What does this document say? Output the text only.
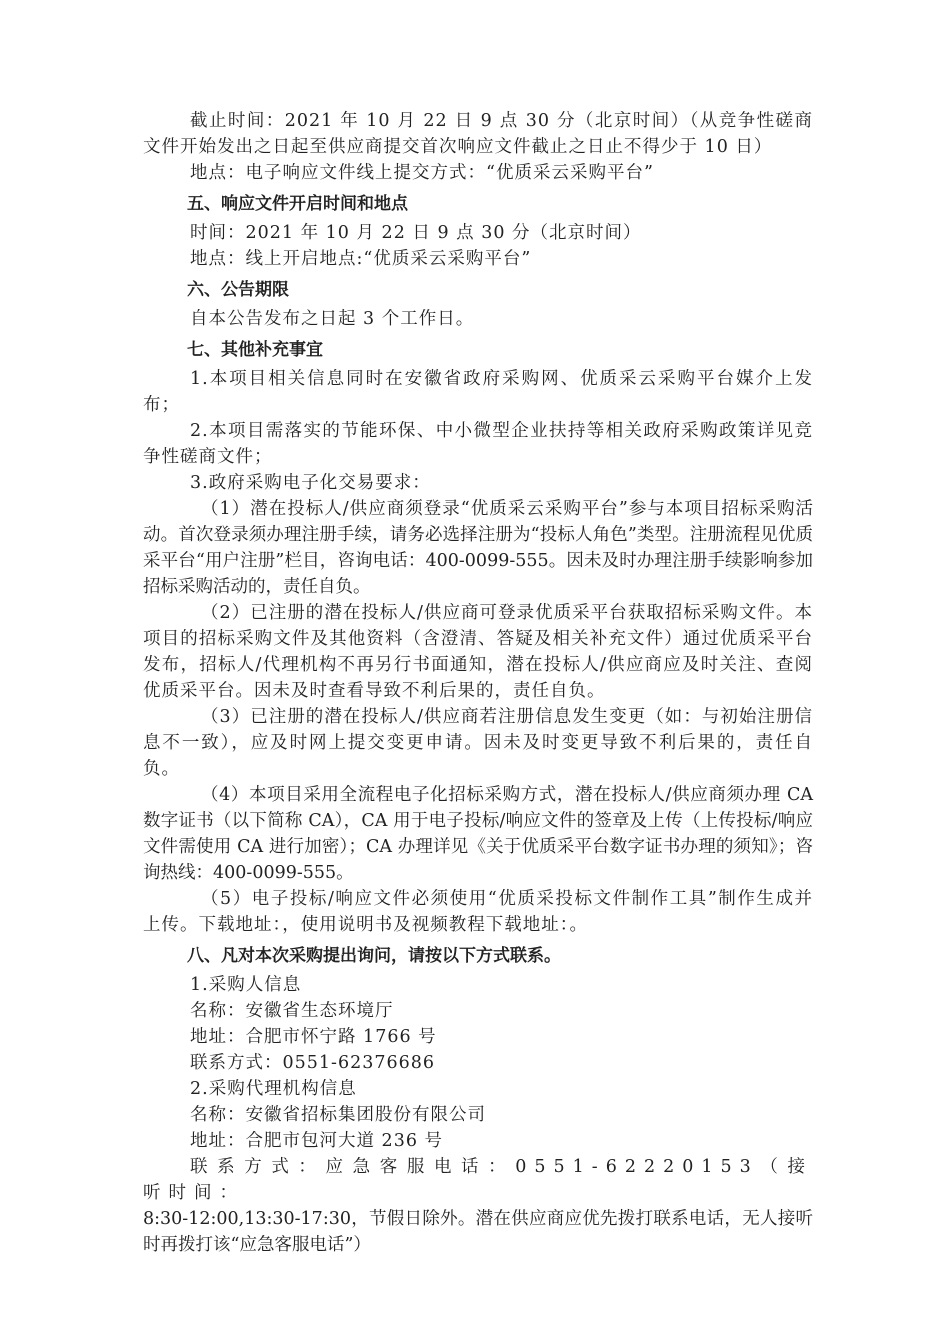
截止时间：2021 年 10 月 22 日 9 点 30 分（北京时间）（从竞争性磋商文件开始发出之日起至供应商提交首次响应文件截止之日止不得少于 10 日）

地点：电子响应文件线上提交方式：“优质采云采购平台”

五、响应文件开启时间和地点

时间：2021 年 10 月 22 日 9 点 30 分（北京时间）

地点：线上开启地点:“优质采云采购平台”

六、公告期限

自本公告发布之日起 3 个工作日。

七、其他补充事宜

1.本项目相关信息同时在安徽省政府采购网、优质采云采购平台媒介上发布；

2.本项目需落实的节能环保、中小微型企业扶持等相关政府采购政策详见竞争性磋商文件；

3.政府采购电子化交易要求：

（1）潜在投标人/供应商须登录“优质采云采购平台”参与本项目招标采购活动。首次登录须办理注册手续，请务必选择注册为“投标人角色”类型。注册流程见优质采平台“用户注册”栏目，咨询电话：400-0099-555。因未及时办理注册手续影响参加招标采购活动的，责任自负。

（2）已注册的潜在投标人/供应商可登录优质采平台获取招标采购文件。本项目的招标采购文件及其他资料（含澄清、答疑及相关补充文件）通过优质采平台发布，招标人/代理机构不再另行书面通知，潜在投标人/供应商应及时关注、查阅优质采平台。因未及时查看导致不利后果的，责任自负。

（3）已注册的潜在投标人/供应商若注册信息发生变更（如：与初始注册信息不一致），应及时网上提交变更申请。因未及时变更导致不利后果的，责任自负。

（4）本项目采用全流程电子化招标采购方式，潜在投标人/供应商须办理 CA 数字证书（以下简称 CA），CA 用于电子投标/响应文件的签章及上传（上传投标/响应文件需使用 CA 进行加密）；CA 办理详见《关于优质采平台数字证书办理的须知》；咨询热线：400-0099-555。

（5）电子投标/响应文件必须使用“优质采投标文件制作工具”制作生成并上传。下载地址：，使用说明书及视频教程下载地址：。

八、凡对本次采购提出询问，请按以下方式联系。

1.采购人信息

名称：安徽省生态环境厅

地址：合肥市怀宁路 1766 号

联系方式：0551-62376686

2.采购代理机构信息

名称：安徽省招标集团股份有限公司

地址：合肥市包河大道 236 号

联系方式：应急客服电话：0551-62220153（接听时间：

8:30-12:00,13:30-17:30，节假日除外。潜在供应商应优先拨打联系电话，无人接听时再拨打该“应急客服电话”）
